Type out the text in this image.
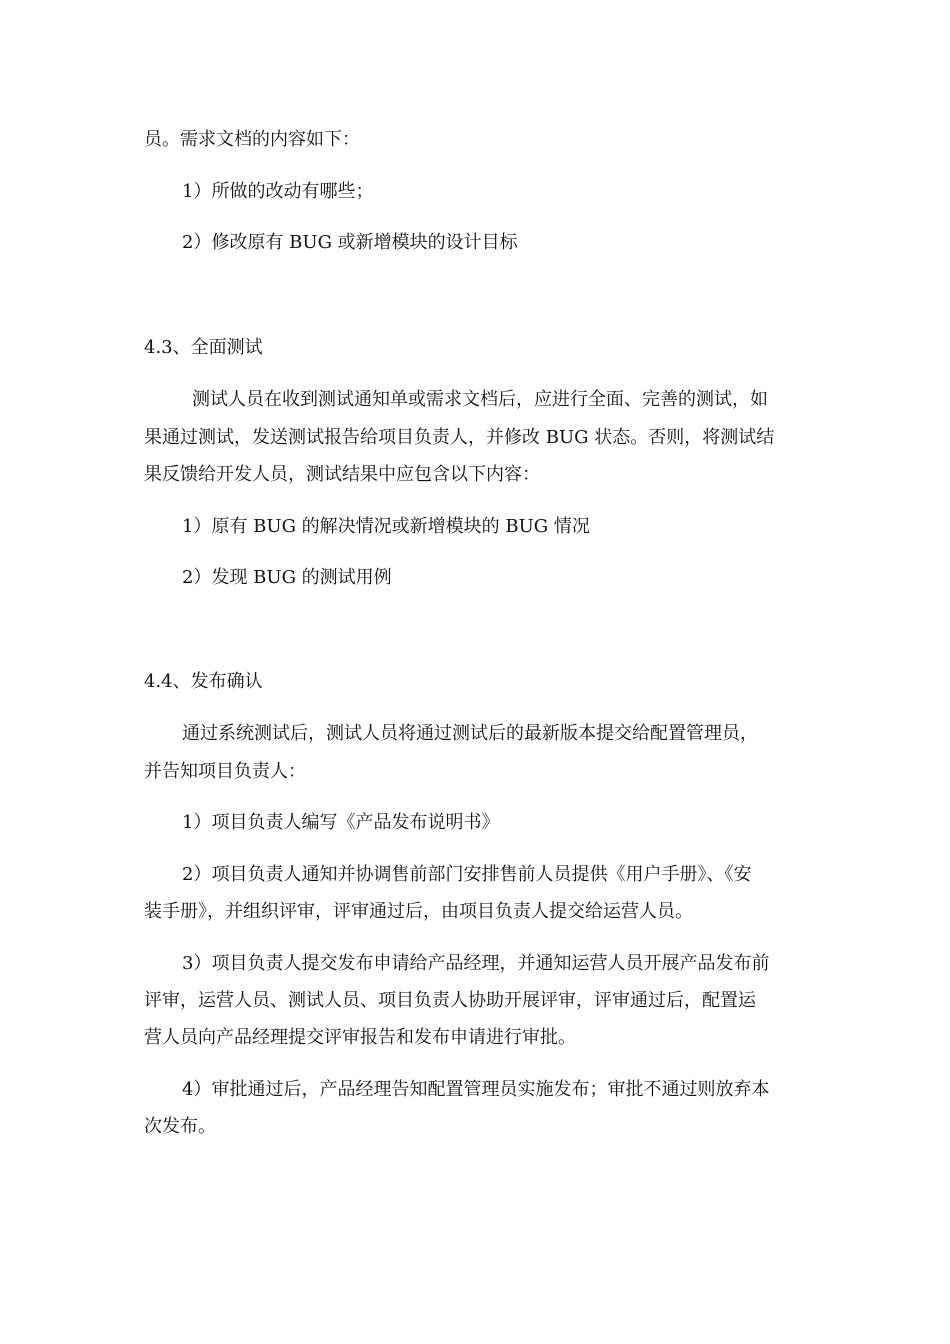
员。需求文档的内容如下：

1）所做的改动有哪些；

2）修改原有 BUG 或新增模块的设计目标

4.3、全面测试

测试人员在收到测试通知单或需求文档后，应进行全面、完善的测试，如

果通过测试，发送测试报告给项目负责人，并修改 BUG 状态。否则，将测试结

果反馈给开发人员，测试结果中应包含以下内容：

1）原有 BUG 的解决情况或新增模块的 BUG 情况

2）发现 BUG 的测试用例

4.4、发布确认

通过系统测试后，测试人员将通过测试后的最新版本提交给配置管理员，

并告知项目负责人：

1）项目负责人编写《产品发布说明书》

2）项目负责人通知并协调售前部门安排售前人员提供《用户手册》、《安

装手册》，并组织评审，评审通过后，由项目负责人提交给运营人员。

3）项目负责人提交发布申请给产品经理，并通知运营人员开展产品发布前

评审，运营人员、测试人员、项目负责人协助开展评审，评审通过后，配置运

营人员向产品经理提交评审报告和发布申请进行审批。

4）审批通过后，产品经理告知配置管理员实施发布；审批不通过则放弃本

次发布。
